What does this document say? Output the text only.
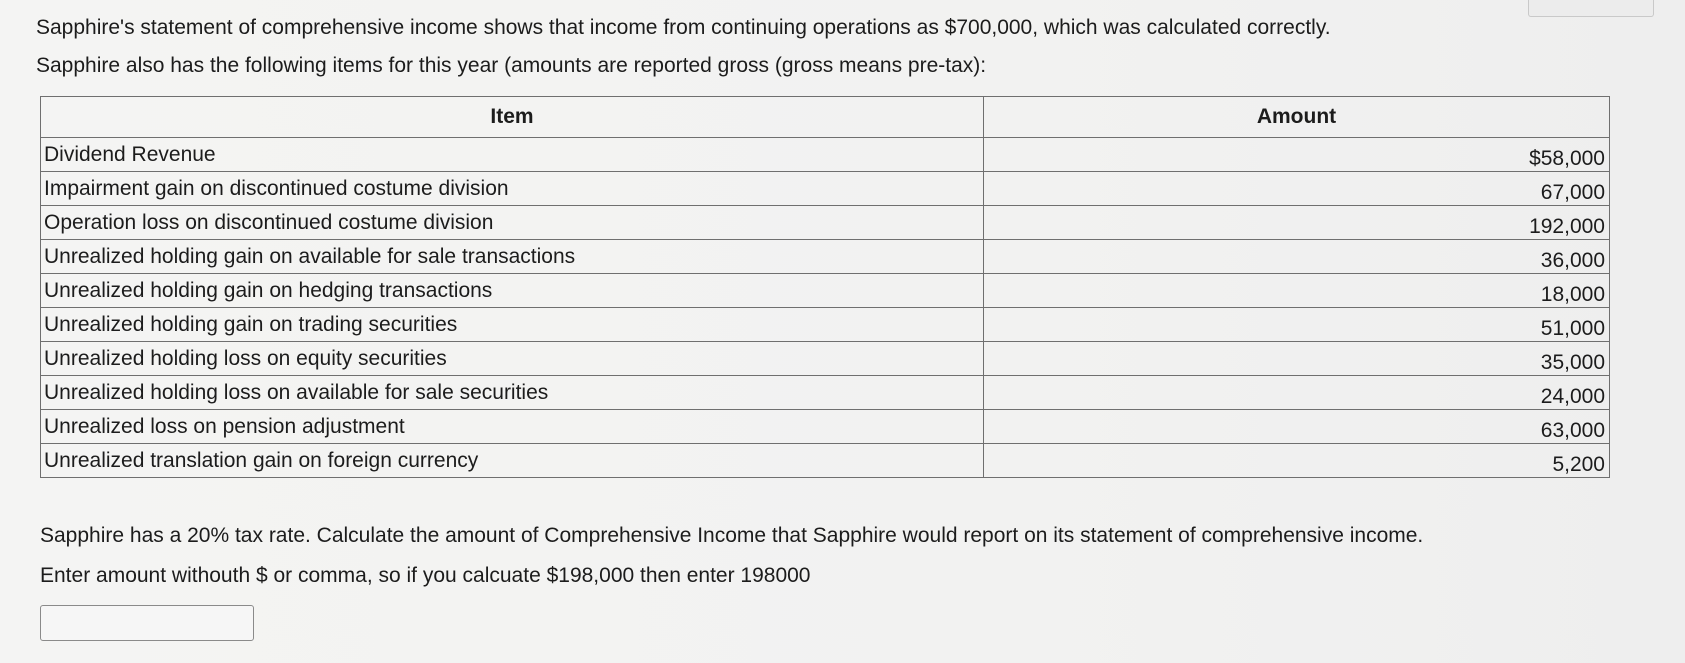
Sapphire's statement of comprehensive income shows that income from continuing operations as $700,000, which was calculated correctly.
Sapphire also has the following items for this year (amounts are reported gross (gross means pre-tax):
Item	Amount
Dividend Revenue	$58,000
Impairment gain on discontinued costume division	67,000
Operation loss on discontinued costume division	192,000
Unrealized holding gain on available for sale transactions	36,000
Unrealized holding gain on hedging transactions	18,000
Unrealized holding gain on trading securities	51,000
Unrealized holding loss on equity securities	35,000
Unrealized holding loss on available for sale securities	24,000
Unrealized loss on pension adjustment	63,000
Unrealized translation gain on foreign currency	5,200
Sapphire has a 20% tax rate. Calculate the amount of Comprehensive Income that Sapphire would report on its statement of comprehensive income.
Enter amount withouth $ or comma, so if you calcuate $198,000 then enter 198000
